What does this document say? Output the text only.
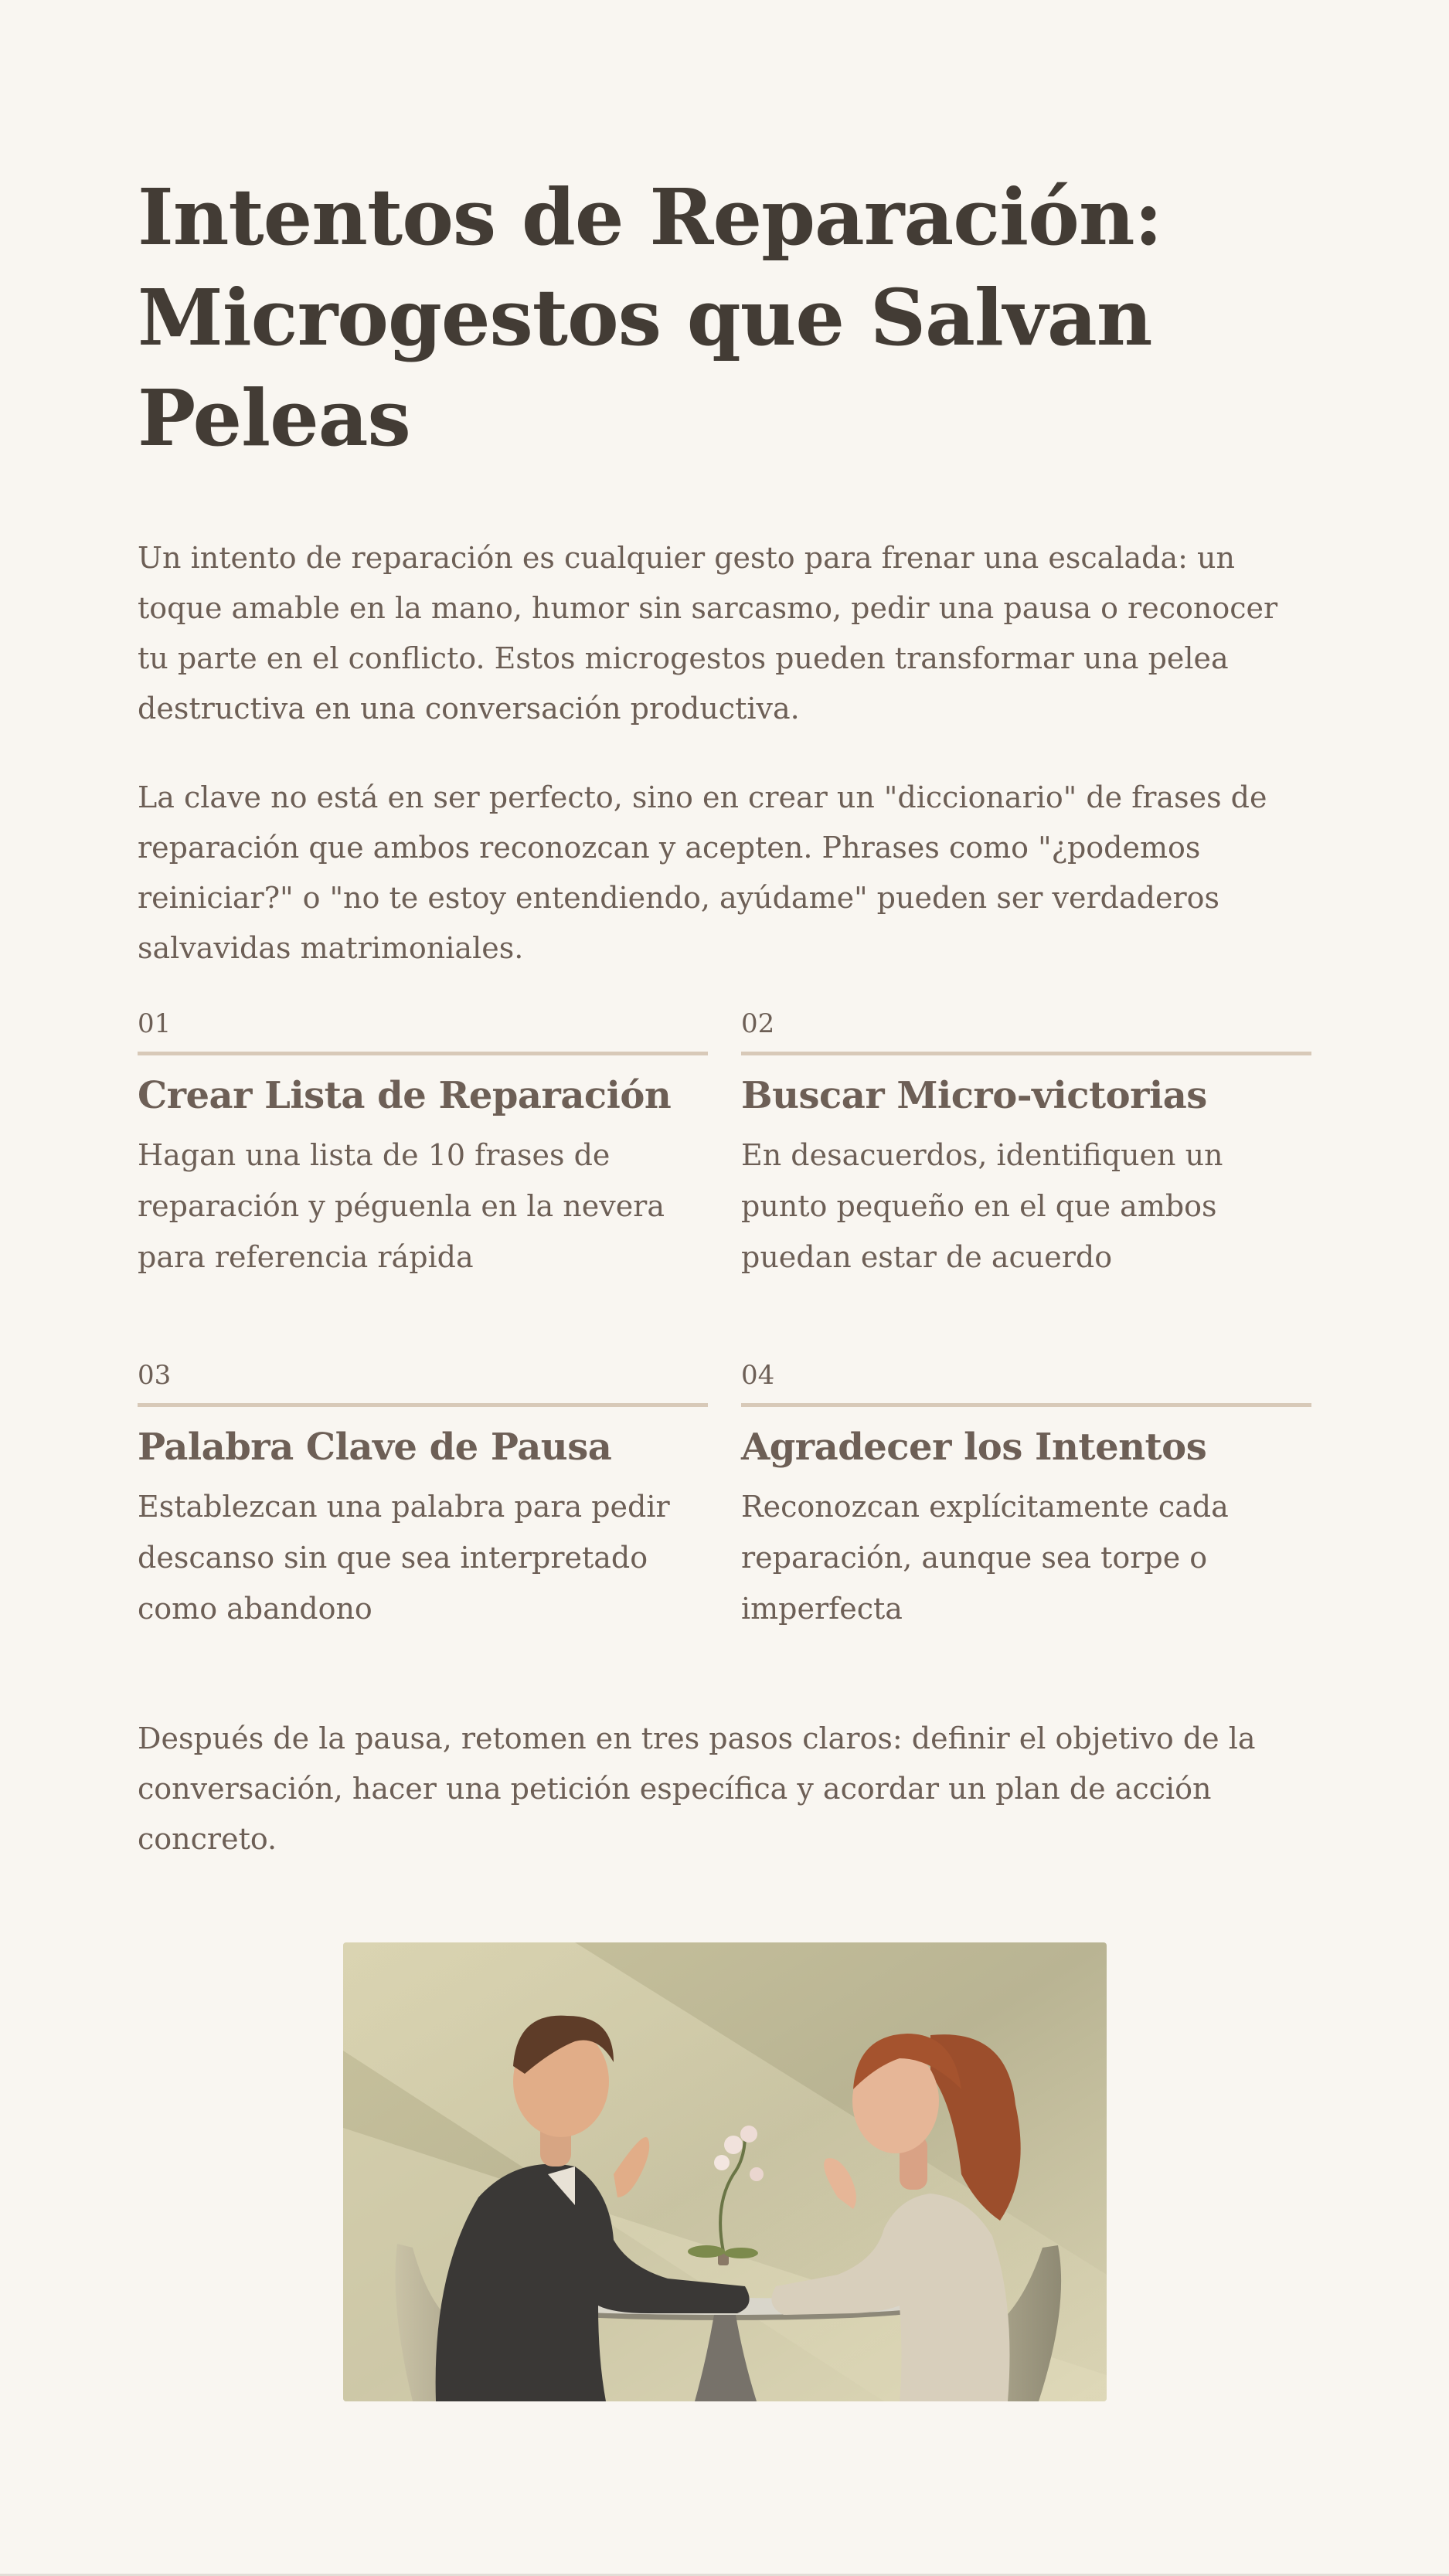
Intentos de Reparación: Microgestos que Salvan Peleas

Un intento de reparación es cualquier gesto para frenar una escalada: un toque amable en la mano, humor sin sarcasmo, pedir una pausa o reconocer tu parte en el conflicto. Estos microgestos pueden transformar una pelea destructiva en una conversación productiva.

La clave no está en ser perfecto, sino en crear un "diccionario" de frases de reparación que ambos reconozcan y acepten. Phrases como "¿podemos reiniciar?" o "no te estoy entendiendo, ayúdame" pueden ser verdaderos salvavidas matrimoniales.

01
Crear Lista de Reparación
Hagan una lista de 10 frases de reparación y péguenla en la nevera para referencia rápida
02
Buscar Micro-victorias
En desacuerdos, identifiquen un punto pequeño en el que ambos puedan estar de acuerdo
03
Palabra Clave de Pausa
Establezcan una palabra para pedir descanso sin que sea interpretado como abandono
04
Agradecer los Intentos
Reconozcan explícitamente cada reparación, aunque sea torpe o imperfecta

Después de la pausa, retomen en tres pasos claros: definir el objetivo de la conversación, hacer una petición específica y acordar un plan de acción concreto.
